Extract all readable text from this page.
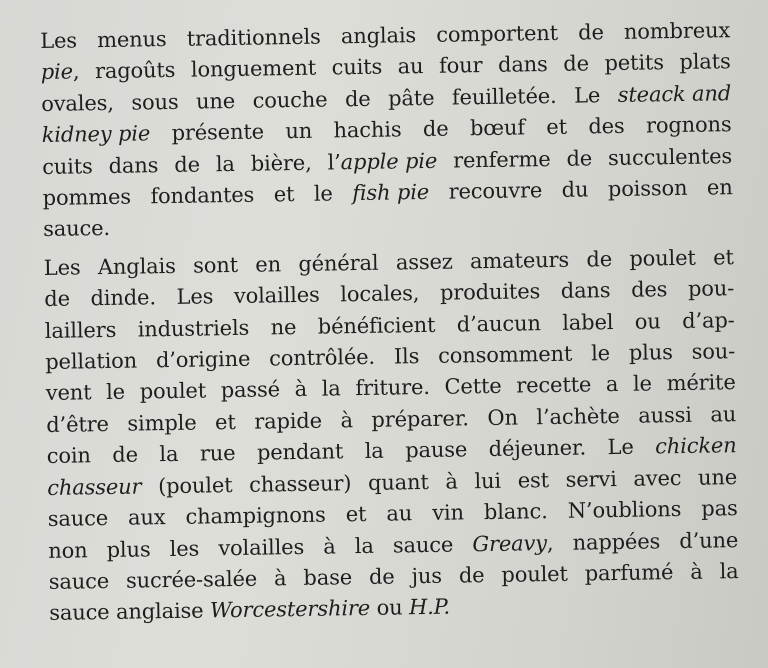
Les menus traditionnels anglais comportent de nombreux
pie, ragoûts longuement cuits au four dans de petits plats
ovales, sous une couche de pâte feuilletée. Le steack and
kidney pie présente un hachis de bœuf et des rognons
cuits dans de la bière, l’apple pie renferme de succulentes
pommes fondantes et le fish pie recouvre du poisson en
sauce.

Les Anglais sont en général assez amateurs de poulet et
de dinde. Les volailles locales, produites dans des pou-
laillers industriels ne bénéficient d’aucun label ou d’ap-
pellation d’origine contrôlée. Ils consomment le plus sou-
vent le poulet passé à la friture. Cette recette a le mérite
d’être simple et rapide à préparer. On l’achète aussi au
coin de la rue pendant la pause déjeuner. Le chicken
chasseur (poulet chasseur) quant à lui est servi avec une
sauce aux champignons et au vin blanc. N’oublions pas
non plus les volailles à la sauce Greavy, nappées d’une
sauce sucrée-salée à base de jus de poulet parfumé à la
sauce anglaise Worcestershire ou H.P.
